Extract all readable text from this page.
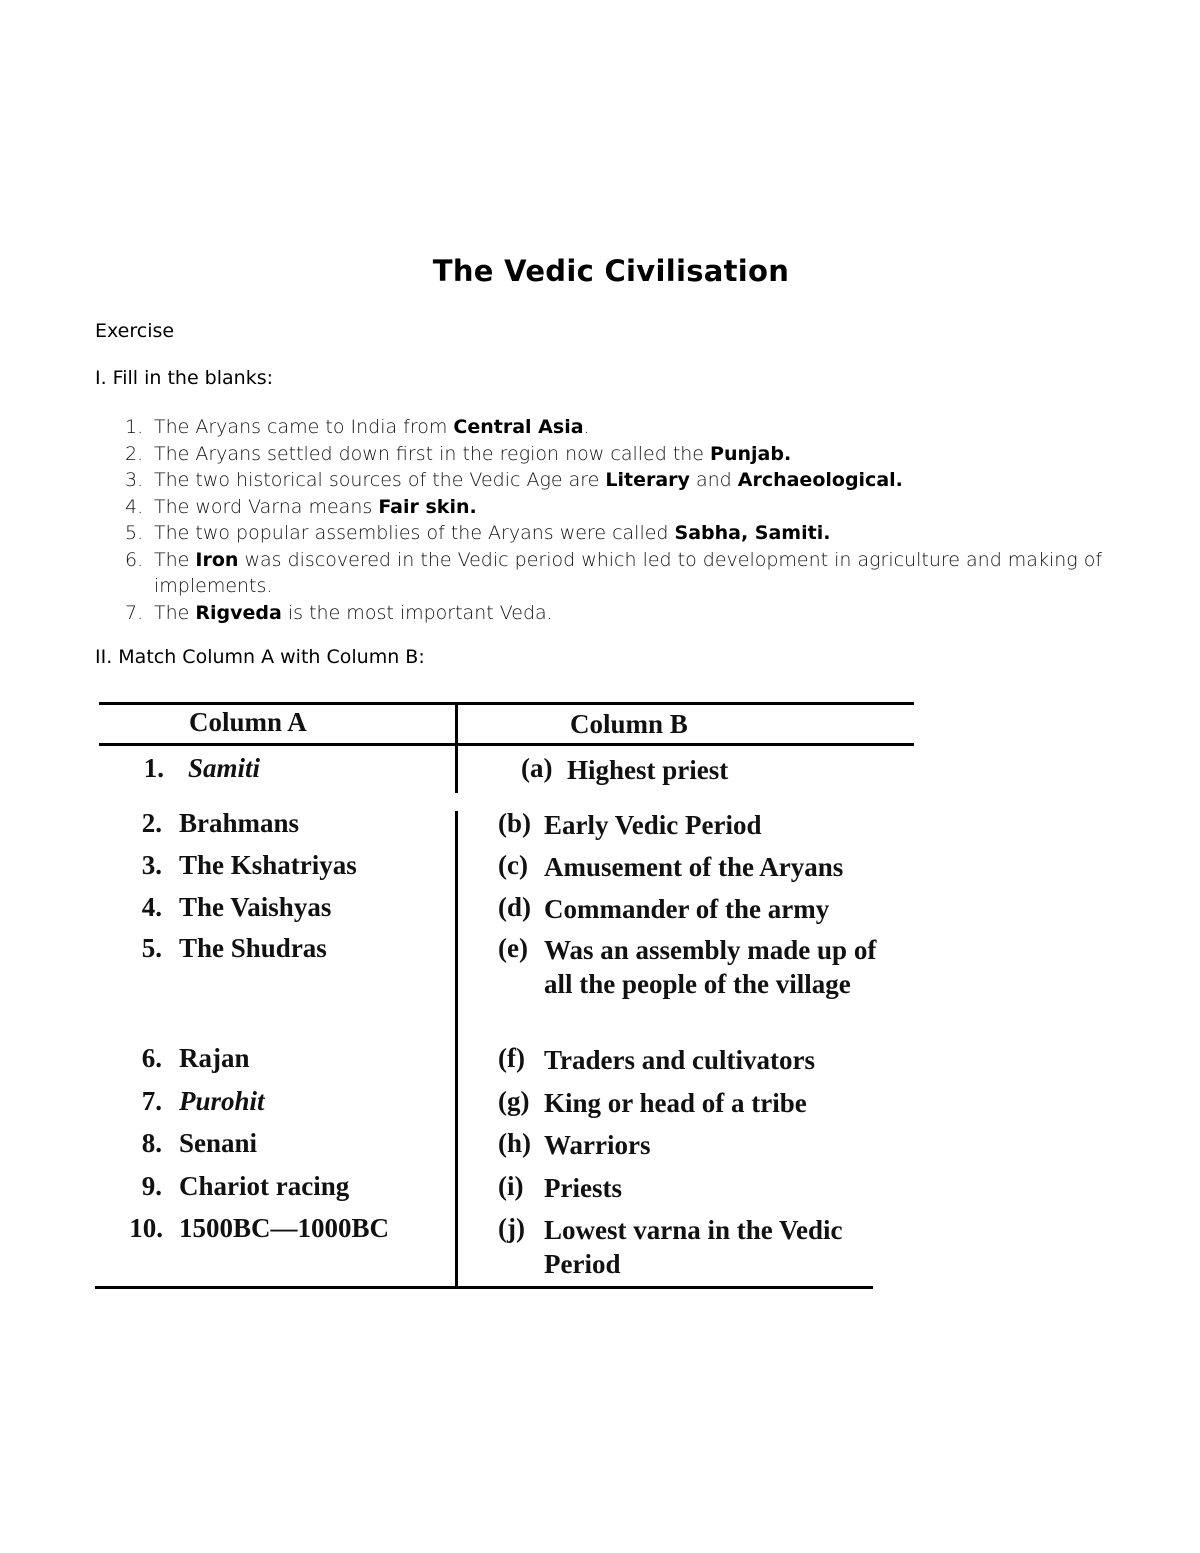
The Vedic Civilisation
Exercise
I. Fill in the blanks:
1. The Aryans came to India from Central Asia.
2. The Aryans settled down first in the region now called the Punjab.
3. The two historical sources of the Vedic Age are Literary and Archaeological.
4. The word Varna means Fair skin.
5. The two popular assemblies of the Aryans were called Sabha, Samiti.
6. The Iron was discovered in the Vedic period which led to development in agriculture and making of implements.
7. The Rigveda is the most important Veda.
II. Match Column A with Column B:
Column A	Column B
1. Samiti	(a) Highest priest
2. Brahmans	(b) Early Vedic Period
3. The Kshatriyas	(c) Amusement of the Aryans
4. The Vaishyas	(d) Commander of the army
5. The Shudras	(e) Was an assembly made up of all the people of the village
6. Rajan	(f) Traders and cultivators
7. Purohit	(g) King or head of a tribe
8. Senani	(h) Warriors
9. Chariot racing	(i) Priests
10. 1500BC—1000BC	(j) Lowest varna in the Vedic Period
